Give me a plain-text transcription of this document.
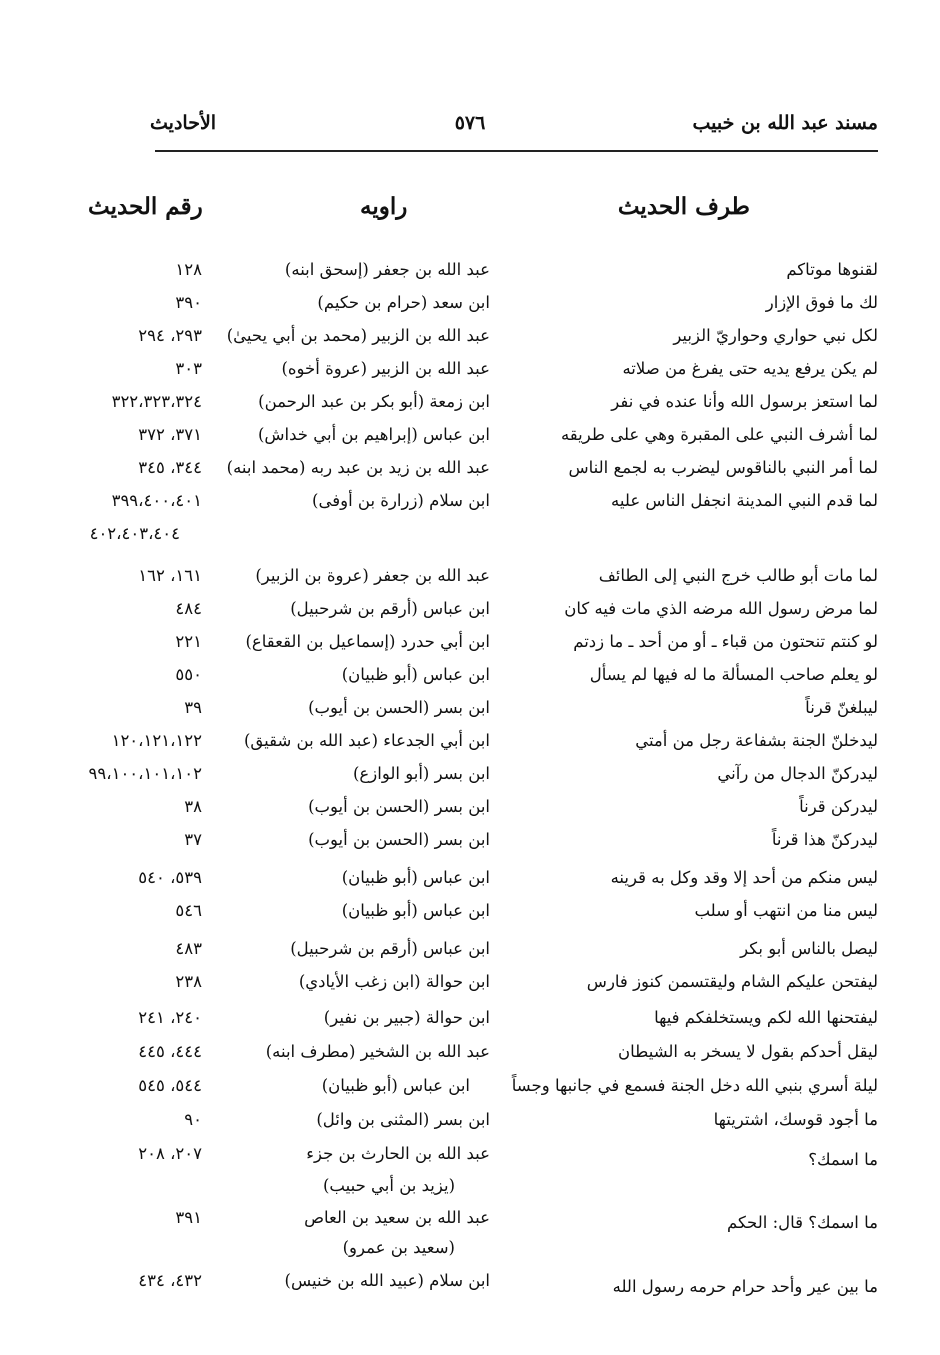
مسند عبد الله بن خبيب
٥٧٦
الأحاديث
طرف الحديث
راويه
رقم الحديث
لقنوها موتاكم
عبد الله بن جعفر (إسحق ابنه)
١٢٨
لك ما فوق الإزار
ابن سعد (حرام بن حكيم)
٣٩٠
لكل نبي حواري وحواريّ الزبير
عبد الله بن الزبير (محمد بن أبي يحيىٰ)
٢٩٣، ٢٩٤
لم يكن يرفع يديه حتى يفرغ من صلاته
عبد الله بن الزبير (عروة أخوه)
٣٠٣
لما استعز برسول الله وأنا عنده في نفر
ابن زمعة (أبو بكر بن عبد الرحمن)
٣٢٢،٣٢٣،٣٢٤
لما أشرف النبي على المقبرة وهي على طريقه
ابن عباس (إبراهيم بن أبي خداش)
٣٧١، ٣٧٢
لما أمر النبي بالناقوس ليضرب به لجمع الناس
عبد الله بن زيد بن عبد ربه (محمد ابنه)
٣٤٤، ٣٤٥
لما قدم النبي المدينة انجفل الناس عليه
ابن سلام (زرارة بن أوفى)
٣٩٩،٤٠٠،٤٠١
٤٠٢،٤٠٣،٤٠٤
لما مات أبو طالب خرج النبي إلى الطائف
عبد الله بن جعفر (عروة بن الزبير)
١٦١، ١٦٢
لما مرض رسول الله مرضه الذي مات فيه كان
ابن عباس (أرقم بن شرحبيل)
٤٨٤
لو كنتم تنحتون من قباء ـ أو من أحد ـ ما زدتم
ابن أبي حدرد (إسماعيل بن القعقاع)
٢٢١
لو يعلم صاحب المسألة ما له فيها لم يسأل
ابن عباس (أبو ظبيان)
٥٥٠
ليبلغنّ قرناً
ابن بسر (الحسن بن أيوب)
٣٩
ليدخلنّ الجنة بشفاعة رجل من أمتي
ابن أبي الجدعاء (عبد الله بن شقيق)
١٢٠،١٢١،١٢٢
ليدركنّ الدجال من رآني
ابن بسر (أبو الوازع)
٩٩،١٠٠،١٠١،١٠٢
ليدركن قرناً
ابن بسر (الحسن بن أيوب)
٣٨
ليدركنّ هذا قرناً
ابن بسر (الحسن بن أيوب)
٣٧
ليس منكم من أحد إلا وقد وكل به قرينه
ابن عباس (أبو ظبيان)
٥٣٩، ٥٤٠
ليس منا من انتهب أو سلب
ابن عباس (أبو ظبيان)
٥٤٦
ليصل بالناس أبو بكر
ابن عباس (أرقم بن شرحبيل)
٤٨٣
ليفتحن عليكم الشام وليقتسمن كنوز فارس
ابن حوالة (ابن زغب الأيادي)
٢٣٨
ليفتحنها الله لكم ويستخلفكم فيها
ابن حوالة (جبير بن نفير)
٢٤٠، ٢٤١
ليقل أحدكم بقول لا يسخر به الشيطان
عبد الله بن الشخير (مطرف ابنه)
٤٤٤، ٤٤٥
ليلة أسري بنبي الله دخل الجنة فسمع في جانبها وجساً
ابن عباس (أبو ظبيان)
٥٤٤، ٥٤٥
ما أجود قوسك، اشتريتها
ابن بسر (المثنى بن وائل)
٩٠
ما اسمك؟
عبد الله بن الحارث بن جزء
٢٠٧، ٢٠٨
(يزيد بن أبي حبيب)
ما اسمك؟ قال: الحكم
عبد الله بن سعيد بن العاص
٣٩١
(سعيد بن عمرو)
ما بين عير وأحد حرام حرمه رسول الله
ابن سلام (عبيد الله بن خنيس)
٤٣٢، ٤٣٤
